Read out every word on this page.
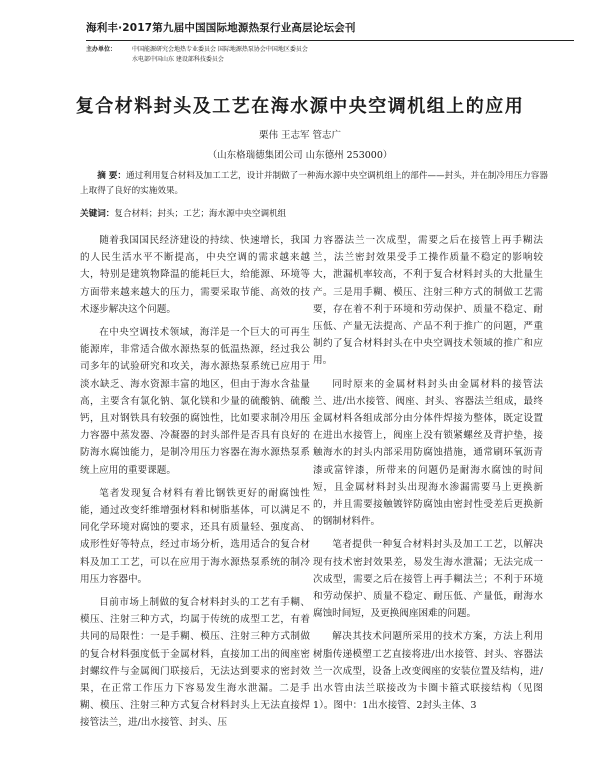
海利丰·2017第九届中国国际地源热泵行业高层论坛会刊
主办单位：	中国能源研究会地热专业委员会 国际地源热泵协会中国地区委员会
水电部中国山东 建设部科技委员会
复合材料封头及工艺在海水源中央空调机组上的应用
栗伟 王志军 管志广
（山东格瑞德集团公司 山东德州 253000）
摘 要：通过利用复合材料及加工工艺，设计并制做了一种海水源中央空调机组上的部件——封头，并在制冷用压力容器上取得了良好的实施效果。
关键词：复合材料；封头；工艺；海水源中央空调机组

随着我国国民经济建设的持续、快速增长，我国的人民生活水平不断提高，中央空调的需求越来越大，特别是建筑物降温的能耗巨大，给能源、环境等方面带来越来越大的压力，需要采取节能、高效的技术逐步解决这个问题。

在中央空调技术领域，海洋是一个巨大的可再生能源库，非常适合做水源热泵的低温热源，经过我公司多年的试验研究和攻关，海水源热泵系统已应用于淡水缺乏、海水资源丰富的地区，但由于海水含盐量高，主要含有氯化钠、氯化镁和少量的硫酸钠、硫酸钙，且对钢铁具有较强的腐蚀性，比如要求制冷用压力容器中蒸发器、冷凝器的封头部件是否具有良好的防海水腐蚀能力，是制冷用压力容器在海水源热泵系统上应用的重要课题。

笔者发现复合材料有着比钢铁更好的耐腐蚀性能，通过改变纤维增强材料和树脂基体，可以满足不同化学环境对腐蚀的要求，还具有质量轻、强度高、成形性好等特点，经过市场分析，选用适合的复合材料及加工工艺，可以在应用于海水源热泵系统的制冷用压力容器中。

目前市场上制做的复合材料封头的工艺有手糊、模压、注射三种方式，均属于传统的成型工艺，有着共同的局限性：一是手糊、模压、注射三种方式制做的复合材料强度低于金属材料，直接加工出的阀座密封螺纹件与金属阀门联接后，无法达到要求的密封效果，在正常工作压力下容易发生海水泄漏。二是手糊、模压、注射三种方式复合材料封头上无法直接焊接管法兰，进/出水接管、封头、压

力容器法兰一次成型，需要之后在接管上再手糊法兰，法兰密封效果受手工操作质量不稳定的影响较大，泄漏机率较高，不利于复合材料封头的大批量生产。三是用手糊、模压、注射三种方式的制做工艺需要，存在着不利于环境和劳动保护、质量不稳定、耐压低、产量无法提高、产品不利于推广的问题，严重制约了复合材料封头在中央空调技术领域的推广和应用。

同时原来的金属材料封头由金属材料的接管法兰、进/出水接管、阀座、封头、容器法兰组成，最终金属材料各组成部分由分体件焊接为整体，既定设置在进出水接管上，阀座上没有锁紧螺丝及背护垫，接触海水的封头内部采用防腐蚀措施，通常刷环氧沥青漆或富锌漆，所带来的问题仍是耐海水腐蚀的时间短，且金属材料封头出现海水渗漏需要马上更换新的，并且需要接触镀锌防腐蚀由密封性受差后更换新的钢制材料件。

笔者提供一种复合材料封头及加工工艺，以解决现有技术密封效果差，易发生海水泄漏；无法完成一次成型，需要之后在接管上再手糊法兰；不利于环境和劳动保护、质量不稳定、耐压低、产量低，耐海水腐蚀时间短，及更换阀座困难的问题。

解决其技术问题所采用的技术方案，方法上利用树脂传递模塑工艺直接将进/出水接管、封头、容器法兰一次成型，设备上改变阀座的安装位置及结构，进/出水管由法兰联接改为卡圈卡箍式联接结构（见图1）。图中：1出水接管、2封头主体、3
